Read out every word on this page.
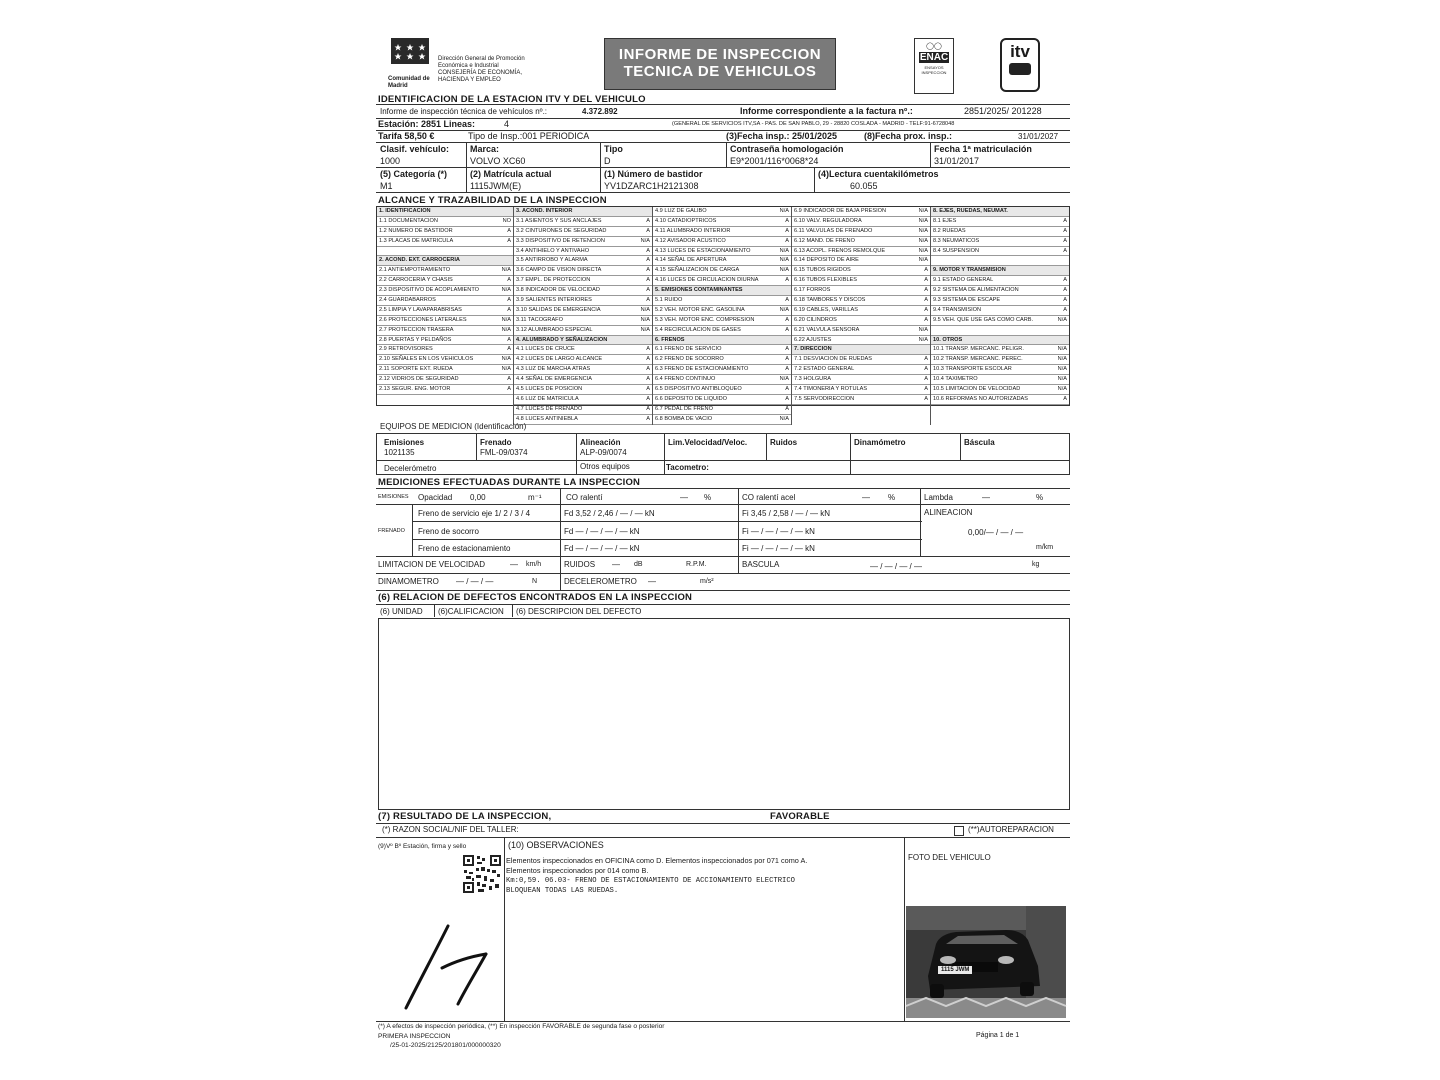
Comunidad de Madrid
Dirección General de Promoción
Económica e Industrial
CONSEJERÍA DE ECONOMÍA,
HACIENDA Y EMPLEO
INFORME DE INSPECCION
TECNICA DE VEHICULOS
◯◯
ENAC
ENSAYOS
INSPECCION
itv
IDENTIFICACION DE LA ESTACION ITV Y DEL VEHICULO
Informe de inspección técnica de vehículos nº.:	4.372.892	Informe correspondiente a la factura nº.:	2851/2025/ 201228
Estación: 2851 Lineas:	4	(GENERAL DE SERVICIOS ITV,SA - PAS. DE SAN PABLO, 29 - 28820 COSLADA - MADRID - TELF:91-6728048
Tarifa 58,50 €	Tipo de Insp.:001 PERIODICA	(3)Fecha insp.: 25/01/2025	(8)Fecha prox. insp.:	31/01/2027
Clasif. vehículo:
1000
Marca:
VOLVO XC60
Tipo
D
Contraseña homologación
E9*2001/116*0068*24
Fecha 1ª matriculación
31/01/2017
(5) Categoría (*)
M1
(2) Matrícula actual
1115JWM(E)
(1) Número de bastidor
YV1DZARC1H2121308
(4)Lectura cuentakilómetros
60.055
ALCANCE Y TRAZABILIDAD DE LA INSPECCION
1. IDENTIFICACION
1.1 DOCUMENTACION	NO
1.2 NUMERO DE BASTIDOR	A
1.3 PLACAS DE MATRICULA	A
2. ACOND. EXT. CARROCERIA
2.1 ANTIEMPOTRAMIENTO	N/A
2.2 CARROCERIA Y CHASIS	A
2.3 DISPOSITIVO DE ACOPLAMIENTO	N/A
2.4 GUARDABARROS	A
2.5 LIMPIA Y LAVAPARABRISAS	A
2.6 PROTECCIONES LATERALES	N/A
2.7 PROTECCION TRASERA	N/A
2.8 PUERTAS Y PELDAÑOS	A
2.9 RETROVISORES	A
2.10 SEÑALES EN LOS VEHICULOS	N/A
2.11 SOPORTE EXT. RUEDA	N/A
2.12 VIDRIOS DE SEGURIDAD	A
2.13 SEGUR. ENG. MOTOR	A
3. ACOND. INTERIOR
3.1 ASIENTOS Y SUS ANCLAJES	A
3.2 CINTURONES DE SEGURIDAD	A
3.3 DISPOSITIVO DE RETENCION	N/A
3.4 ANTIHIELO Y ANTIVAHO	A
3.5 ANTIRROBO Y ALARMA	A
3.6 CAMPO DE VISION DIRECTA	A
3.7 EMPL. DE PROTECCION	A
3.8 INDICADOR DE VELOCIDAD	A
3.9 SALIENTES INTERIORES	A
3.10 SALIDAS DE EMERGENCIA	N/A
3.11 TACOGRAFO	N/A
3.12 ALUMBRADO ESPECIAL	N/A
4. ALUMBRADO Y SEÑALIZACION
4.1 LUCES DE CRUCE	A
4.2 LUCES DE LARGO ALCANCE	A
4.3 LUZ DE MARCHA ATRAS	A
4.4 SEÑAL DE EMERGENCIA	A
4.5 LUCES DE POSICION	A
4.6 LUZ DE MATRICULA	A
4.7 LUCES DE FRENADO	A
4.8 LUCES ANTINIEBLA	A
4.9 LUZ DE GALIBO	N/A
4.10 CATADIOPTRICOS	A
4.11 ALUMBRADO INTERIOR	A
4.12 AVISADOR ACUSTICO	A
4.13 LUCES DE ESTACIONAMIENTO	N/A
4.14 SEÑAL DE APERTURA	N/A
4.15 SEÑALIZACION DE CARGA	N/A
4.16 LUCES DE CIRCULACION DIURNA	A
5. EMISIONES CONTAMINANTES
5.1 RUIDO	A
5.2 VEH. MOTOR ENC. GASOLINA	N/A
5.3 VEH. MOTOR ENC. COMPRESION	A
5.4 RECIRCULACION DE GASES	A
6. FRENOS
6.1 FRENO DE SERVICIO	A
6.2 FRENO DE SOCORRO	A
6.3 FRENO DE ESTACIONAMIENTO	A
6.4 FRENO CONTINUO	N/A
6.5 DISPOSITIVO ANTIBLOQUEO	A
6.6 DEPOSITO DE LIQUIDO	A
6.7 PEDAL DE FRENO	A
6.8 BOMBA DE VACIO	N/A
6.9 INDICADOR DE BAJA PRESION	N/A
6.10 VALV. REGULADORA	N/A
6.11 VALVULAS DE FRENADO	N/A
6.12 MAND. DE FRENO	N/A
6.13 ACOPL. FRENOS REMOLQUE	N/A
6.14 DEPOSITO DE AIRE	N/A
6.15 TUBOS RIGIDOS	A
6.16 TUBOS FLEXIBLES	A
6.17 FORROS	A
6.18 TAMBORES Y DISCOS	A
6.19 CABLES, VARILLAS	A
6.20 CILINDROS	A
6.21 VALVULA SENSORA	N/A
6.22 AJUSTES	N/A
7. DIRECCION
7.1 DESVIACION DE RUEDAS	A
7.2 ESTADO GENERAL	A
7.3 HOLGURA	A
7.4 TIMONERIA Y ROTULAS	A
7.5 SERVODIRECCION	A
8. EJES, RUEDAS, NEUMAT.
8.1 EJES	A
8.2 RUEDAS	A
8.3 NEUMATICOS	A
8.4 SUSPENSION	A
9. MOTOR Y TRANSMISION
9.1 ESTADO GENERAL	A
9.2 SISTEMA DE ALIMENTACION	A
9.3 SISTEMA DE ESCAPE	A
9.4 TRANSMISION	A
9.5 VEH. QUE USE GAS COMO CARB.	N/A
10. OTROS
10.1 TRANSP. MERCANC. PELIGR.	N/A
10.2 TRANSP. MERCANC. PEREC.	N/A
10.3 TRANSPORTE ESCOLAR	N/A
10.4 TAXIMETRO	N/A
10.5 LIMITACION DE VELOCIDAD	N/A
10.6 REFORMAS NO AUTORIZADAS	A
EQUIPOS DE MEDICION (Identificación)
Emisiones
1021135
Frenado
FML-09/0374
Alineación
ALP-09/0074
Lim.Velocidad/Veloc.	Ruidos	Dinamómetro	Báscula
Decelerómetro	Otros equipos	Tacometro:
MEDICIONES EFECTUADAS DURANTE LA INSPECCION
EMISIONES Opacidad 0,00	m⁻¹	CO ralentí	— %	CO ralentí acel	— %	Lambda	—	%
FRENADO
Freno de servicio eje 1/ 2 / 3 / 4	Fd 3,52 / 2,46 / — / — kN	Fi 3,45 / 2,58 / — / — kN	ALINEACION
0,00/— / — / —
m/km
Freno de socorro	Fd — / — / — / — kN	Fi — / — / — / — kN
Freno de estacionamiento	Fd — / — / — / — kN	Fi — / — / — / — kN
LIMITACION DE VELOCIDAD	— km/h	RUIDOS — dB	R.P.M.	BASCULA	— / — / — / —	kg
DINAMOMETRO — / — / —	N	DECELEROMETRO —	m/s²
(6) RELACION DE DEFECTOS ENCONTRADOS EN LA INSPECCION
(6) UNIDAD (6)CALIFICACION (6) DESCRIPCION DEL DEFECTO
(7) RESULTADO DE LA INSPECCION,	FAVORABLE
(*) RAZON SOCIAL/NIF DEL TALLER:	(**)AUTOREPARACION
(9)Vº Bº Estación, firma y sello	(10) OBSERVACIONES
Elementos inspeccionados en OFICINA como D. Elementos inspeccionados por 071 como A.
Elementos inspeccionados por 014 como B.
Km:0,59. 06.03- FRENO DE ESTACIONAMIENTO DE ACCIONAMIENTO ELECTRICO
BLOQUEAN TODAS LAS RUEDAS.
FOTO DEL VEHICULO
1115 JWM
(*) A efectos de inspección periódica, (**) En inspección FAVORABLE de segunda fase o posterior
PRIMERA INSPECCION
/25-01-2025/2125/201801/000000320
Página 1 de 1
